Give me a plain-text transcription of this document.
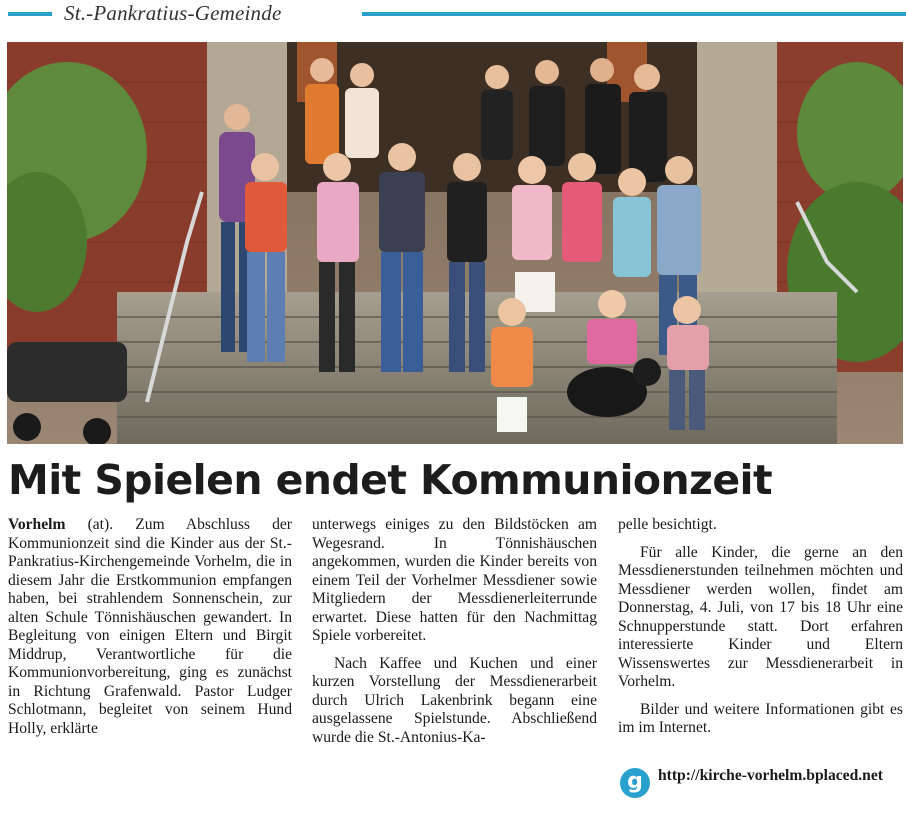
St.-Pankratius-Gemeinde
Mit Spielen endet Kommunionzeit

Vorhelm (at). Zum Abschluss der Kommunionzeit sind die Kinder aus der St.-Pankratius-Kirchengemeinde Vorhelm, die in diesem Jahr die Erstkommunion empfangen haben, bei strahlendem Sonnenschein, zur alten Schule Tönnishäuschen gewandert. In Begleitung von einigen Eltern und Birgit Middrup, Verantwortliche für die Kommunionvorbereitung, ging es zunächst in Richtung Grafenwald. Pastor Ludger Schlotmann, begleitet von seinem Hund Holly, erklärte

unterwegs einiges zu den Bildstöcken am Wegesrand. In Tönnishäuschen angekommen, wurden die Kinder bereits von einem Teil der Vorhelmer Messdiener sowie Mitgliedern der Messdienerleiterrunde erwartet. Diese hatten für den Nachmittag Spiele vorbereitet.

Nach Kaffee und Kuchen und einer kurzen Vorstellung der Messdienerarbeit durch Ulrich Lakenbrink begann eine ausgelassene Spielstunde. Abschließend wurde die St.-Antonius-Ka-

pelle besichtigt.

Für alle Kinder, die gerne an den Messdienerstunden teilnehmen möchten und Messdiener werden wollen, findet am Donnerstag, 4. Juli, von 17 bis 18 Uhr eine Schnupperstunde statt. Dort erfahren interessierte Kinder und Eltern Wissenswertes zur Messdienerarbeit in Vorhelm.

Bilder und weitere Informationen gibt es im im Internet.

g http://kirche-vorhelm.bplaced.net
